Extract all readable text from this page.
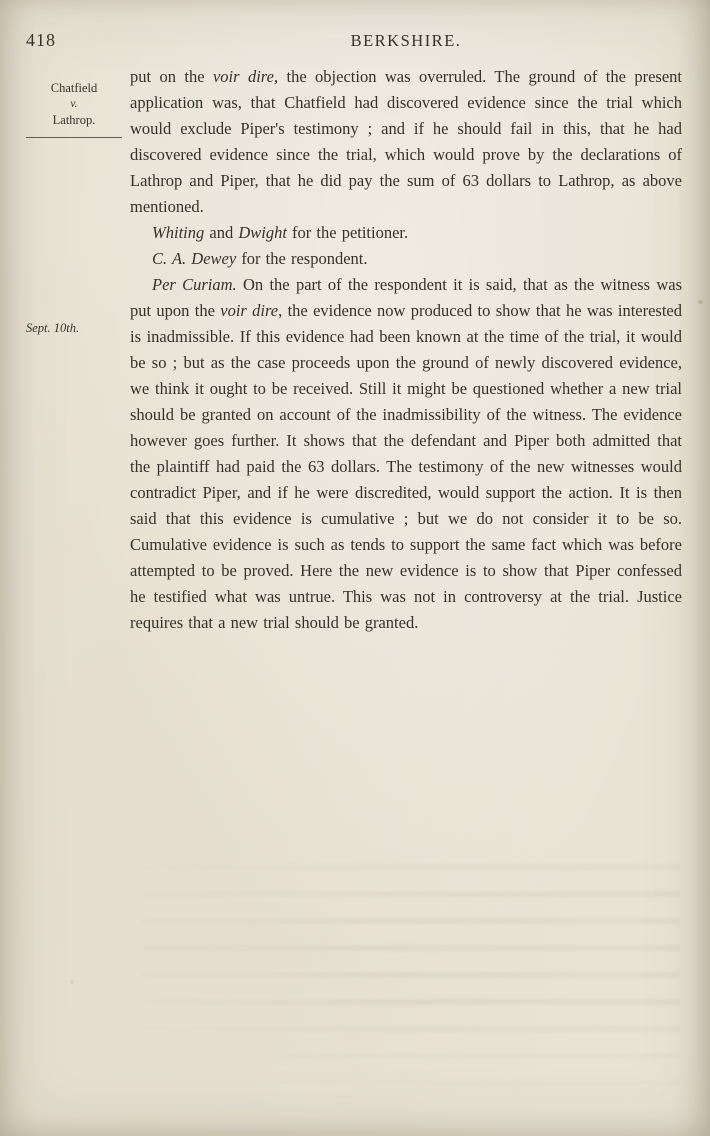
418	BERKSHIRE.
Chatfield
v.
Lathrop.
Sept. 10th.

put on the voir dire, the objection was overruled. The ground of the present application was, that Chatfield had discovered evidence since the trial which would exclude Piper's testimony ; and if he should fail in this, that he had discovered evidence since the trial, which would prove by the declarations of Lathrop and Piper, that he did pay the sum of 63 dollars to Lathrop, as above mentioned.

Whiting and Dwight for the petitioner.

C. A. Dewey for the respondent.

Per Curiam. On the part of the respondent it is said, that as the witness was put upon the voir dire, the evidence now produced to show that he was interested is inadmissible. If this evidence had been known at the time of the trial, it would be so ; but as the case proceeds upon the ground of newly discovered evidence, we think it ought to be received. Still it might be questioned whether a new trial should be granted on account of the inadmissibility of the witness. The evidence however goes further. It shows that the defendant and Piper both admitted that the plaintiff had paid the 63 dollars. The testimony of the new witnesses would contradict Piper, and if he were discredited, would support the action. It is then said that this evidence is cumulative ; but we do not consider it to be so. Cumulative evidence is such as tends to support the same fact which was before attempted to be proved. Here the new evidence is to show that Piper confessed he testified what was untrue. This was not in controversy at the trial. Justice requires that a new trial should be granted.
